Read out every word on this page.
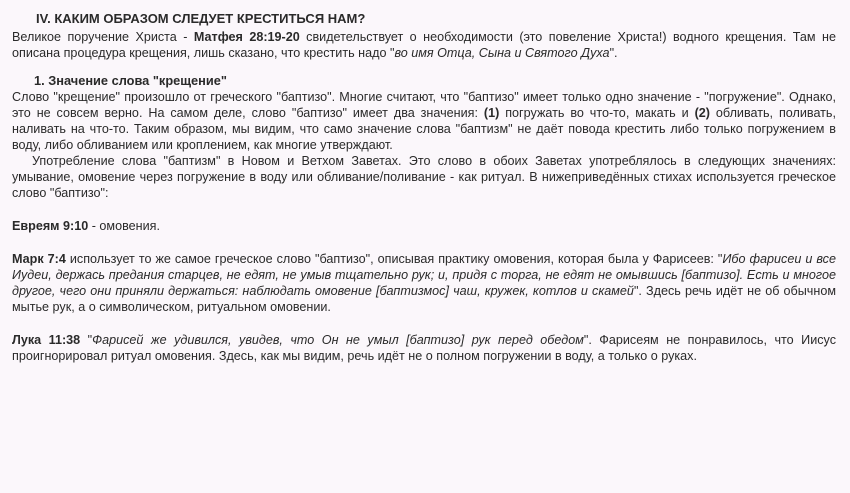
IV. КАКИМ ОБРАЗОМ СЛЕДУЕТ КРЕСТИТЬСЯ НАМ?

Великое поручение Христа - Матфея 28:19-20 свидетельствует о необходимости (это повеление Христа!) водного крещения. Там не описана процедура крещения, лишь сказано, что крестить надо "во имя Отца, Сына и Святого Духа".

1. Значение слова "крещение"

Слово "крещение" произошло от греческого "баптизо". Многие считают, что "баптизо" имеет только одно значение - "погружение". Однако, это не совсем верно. На самом деле, слово "баптизо" имеет два значения: (1) погружать во что-то, макать и (2) обливать, поливать, наливать на что-то. Таким образом, мы видим, что само значение слова "баптизм" не даёт повода крестить либо только погружением в воду, либо обливанием или кроплением, как многие утверждают.

Употребление слова "баптизм" в Новом и Ветхом Заветах. Это слово в обоих Заветах употреблялось в следующих значениях: умывание, омовение через погружение в воду или обливание/поливание - как ритуал. В нижеприведённых стихах используется греческое слово "баптизо":

Евреям 9:10 - омовения.

Марк 7:4 использует то же самое греческое слово "баптизо", описывая практику омовения, которая была у Фарисеев: "Ибо фарисеи и все Иудеи, держась предания старцев, не едят, не умыв тщательно рук; и, придя с торга, не едят не омывшись [баптизо]. Есть и многое другое, чего они приняли держаться: наблюдать омовение [баптизмос] чаш, кружек, котлов и скамей". Здесь речь идёт не об обычном мытье рук, а о символическом, ритуальном омовении.

Лука 11:38 "Фарисей же удивился, увидев, что Он не умыл [баптизо] рук перед обедом". Фарисеям не понравилось, что Иисус проигнорировал ритуал омовения. Здесь, как мы видим, речь идёт не о полном погружении в воду, а только о руках.
